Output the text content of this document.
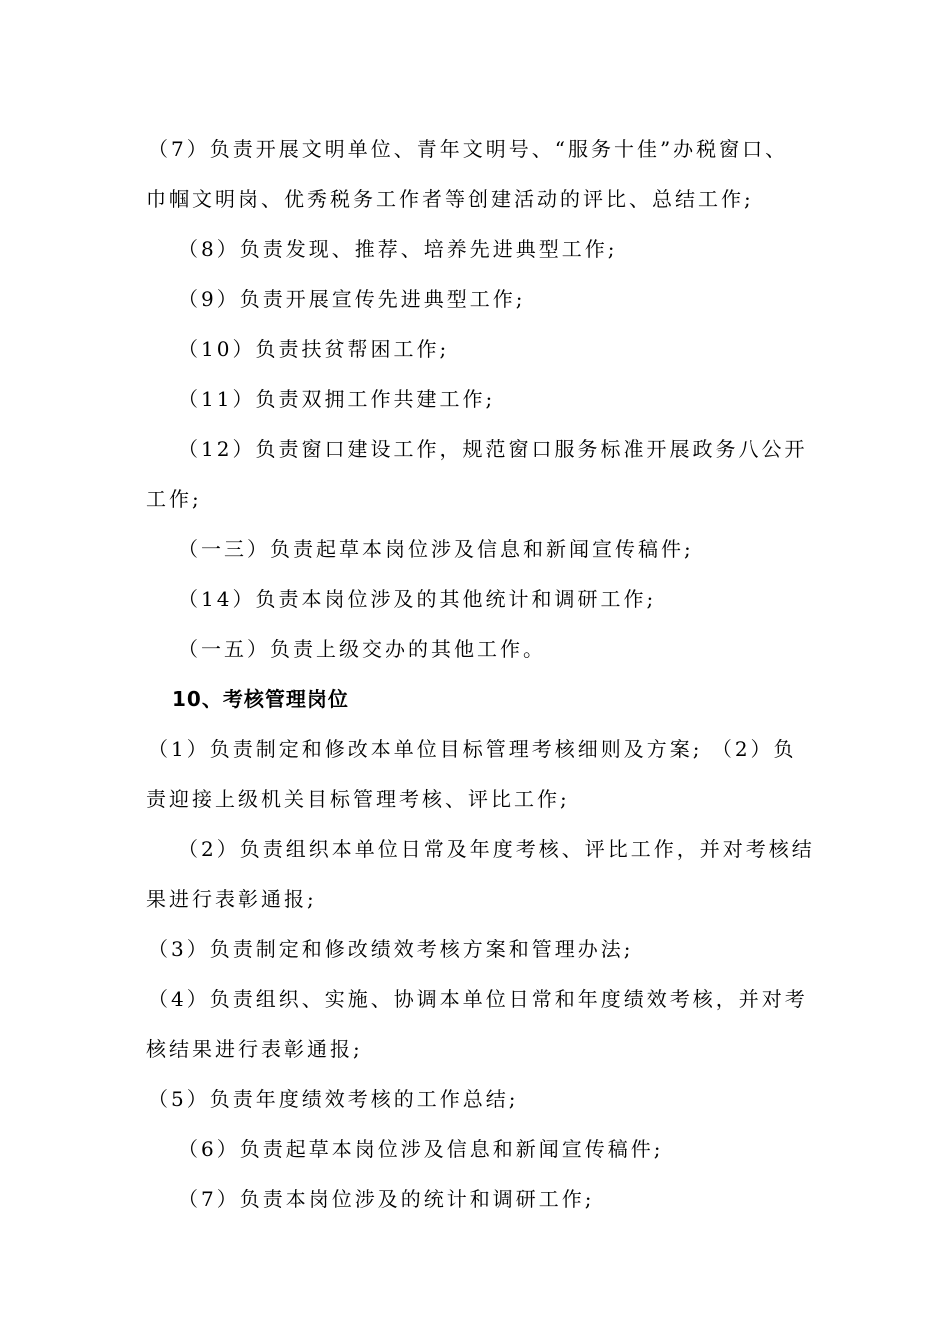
（7）负责开展文明单位、青年文明号、“服务十佳”办税窗口、
巾帼文明岗、优秀税务工作者等创建活动的评比、总结工作;
（8）负责发现、推荐、培养先进典型工作;
（9）负责开展宣传先进典型工作;
（10）负责扶贫帮困工作;
（11）负责双拥工作共建工作;
（12）负责窗口建设工作，规范窗口服务标准开展政务八公开
工作;
（一三）负责起草本岗位涉及信息和新闻宣传稿件;
（14）负责本岗位涉及的其他统计和调研工作;
（一五）负责上级交办的其他工作。
10、考核管理岗位
（1）负责制定和修改本单位目标管理考核细则及方案; （2）负
责迎接上级机关目标管理考核、评比工作;
（2）负责组织本单位日常及年度考核、评比工作，并对考核结
果进行表彰通报;
（3）负责制定和修改绩效考核方案和管理办法;
（4）负责组织、实施、协调本单位日常和年度绩效考核，并对考
核结果进行表彰通报;
（5）负责年度绩效考核的工作总结;
（6）负责起草本岗位涉及信息和新闻宣传稿件;
（7）负责本岗位涉及的统计和调研工作;
